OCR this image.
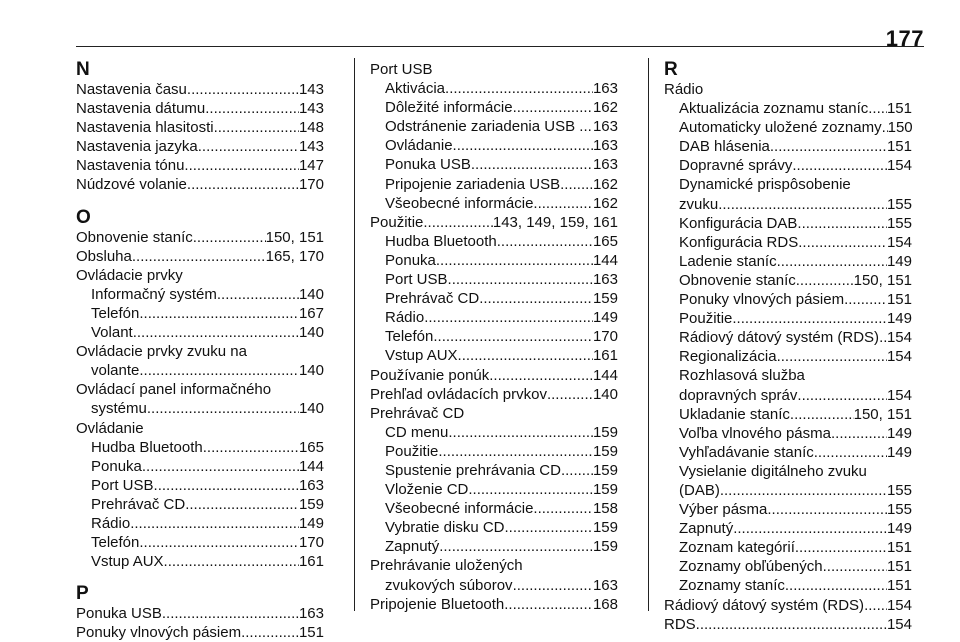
177
N
Nastavenia času .....	143
Nastavenia dátumu .....	143
Nastavenia hlasitosti .....	148
Nastavenia jazyka .....	143
Nastavenia tónu .....	147
Núdzové volanie .....	170
O
Obnovenie staníc .....	150, 151
Obsluha .....	165, 170
Ovládacie prvky
Informačný systém .....	140
Telefón .....	167
Volant .....	140
Ovládacie prvky zvuku na
volante .....	140
Ovládací panel informačného
systému .....	140
Ovládanie
Hudba Bluetooth .....	165
Ponuka .....	144
Port USB .....	163
Prehrávač CD .....	159
Rádio .....	149
Telefón .....	170
Vstup AUX .....	161
P
Ponuka USB .....	163
Ponuky vlnových pásiem .....	151
Port USB
Aktivácia .....	163
Dôležité informácie .....	162
Odstránenie zariadenia USB . ..... 163
Ovládanie .....	163
Ponuka USB .....	163
Pripojenie zariadenia USB ..... 162
Všeobecné informácie .....	162
Použitie .....	143, 149, 159, 161
Hudba Bluetooth .....	165
Ponuka .....	144
Port USB .....	163
Prehrávač CD .....	159
Rádio .....	149
Telefón .....	170
Vstup AUX .....	161
Používanie ponúk .....	144
Prehľad ovládacích prvkov .....	140
Prehrávač CD
CD menu .....	159
Použitie .....	159
Spustenie prehrávania CD ..... 159
Vloženie CD .....	159
Všeobecné informácie .....	158
Vybratie disku CD .....	159
Zapnutý .....	159
Prehrávanie uložených
zvukových súborov .....	163
Pripojenie Bluetooth .....	168
R
Rádio
Aktualizácia zoznamu staníc ..... 151
Automaticky uložené zoznamy ..... 150
DAB hlásenia .....	151
Dopravné správy .....	154
Dynamické prispôsobenie
zvuku .....	155
Konfigurácia DAB .....	155
Konfigurácia RDS .....	154
Ladenie staníc .....	149
Obnovenie staníc .....	150, 151
Ponuky vlnových pásiem .....	151
Použitie .....	149
Rádiový dátový systém (RDS) ..... 154
Regionalizácia .....	154
Rozhlasová služba
dopravných správ .....	154
Ukladanie staníc .....	150, 151
Voľba vlnového pásma .....	149
Vyhľadávanie staníc .....	149
Vysielanie digitálneho zvuku
(DAB) .....	155
Výber pásma .....	155
Zapnutý .....	149
Zoznam kategórií .....	151
Zoznamy obľúbených .....	151
Zoznamy staníc .....	151
Rádiový dátový systém (RDS) ..... 154
RDS .....	154
